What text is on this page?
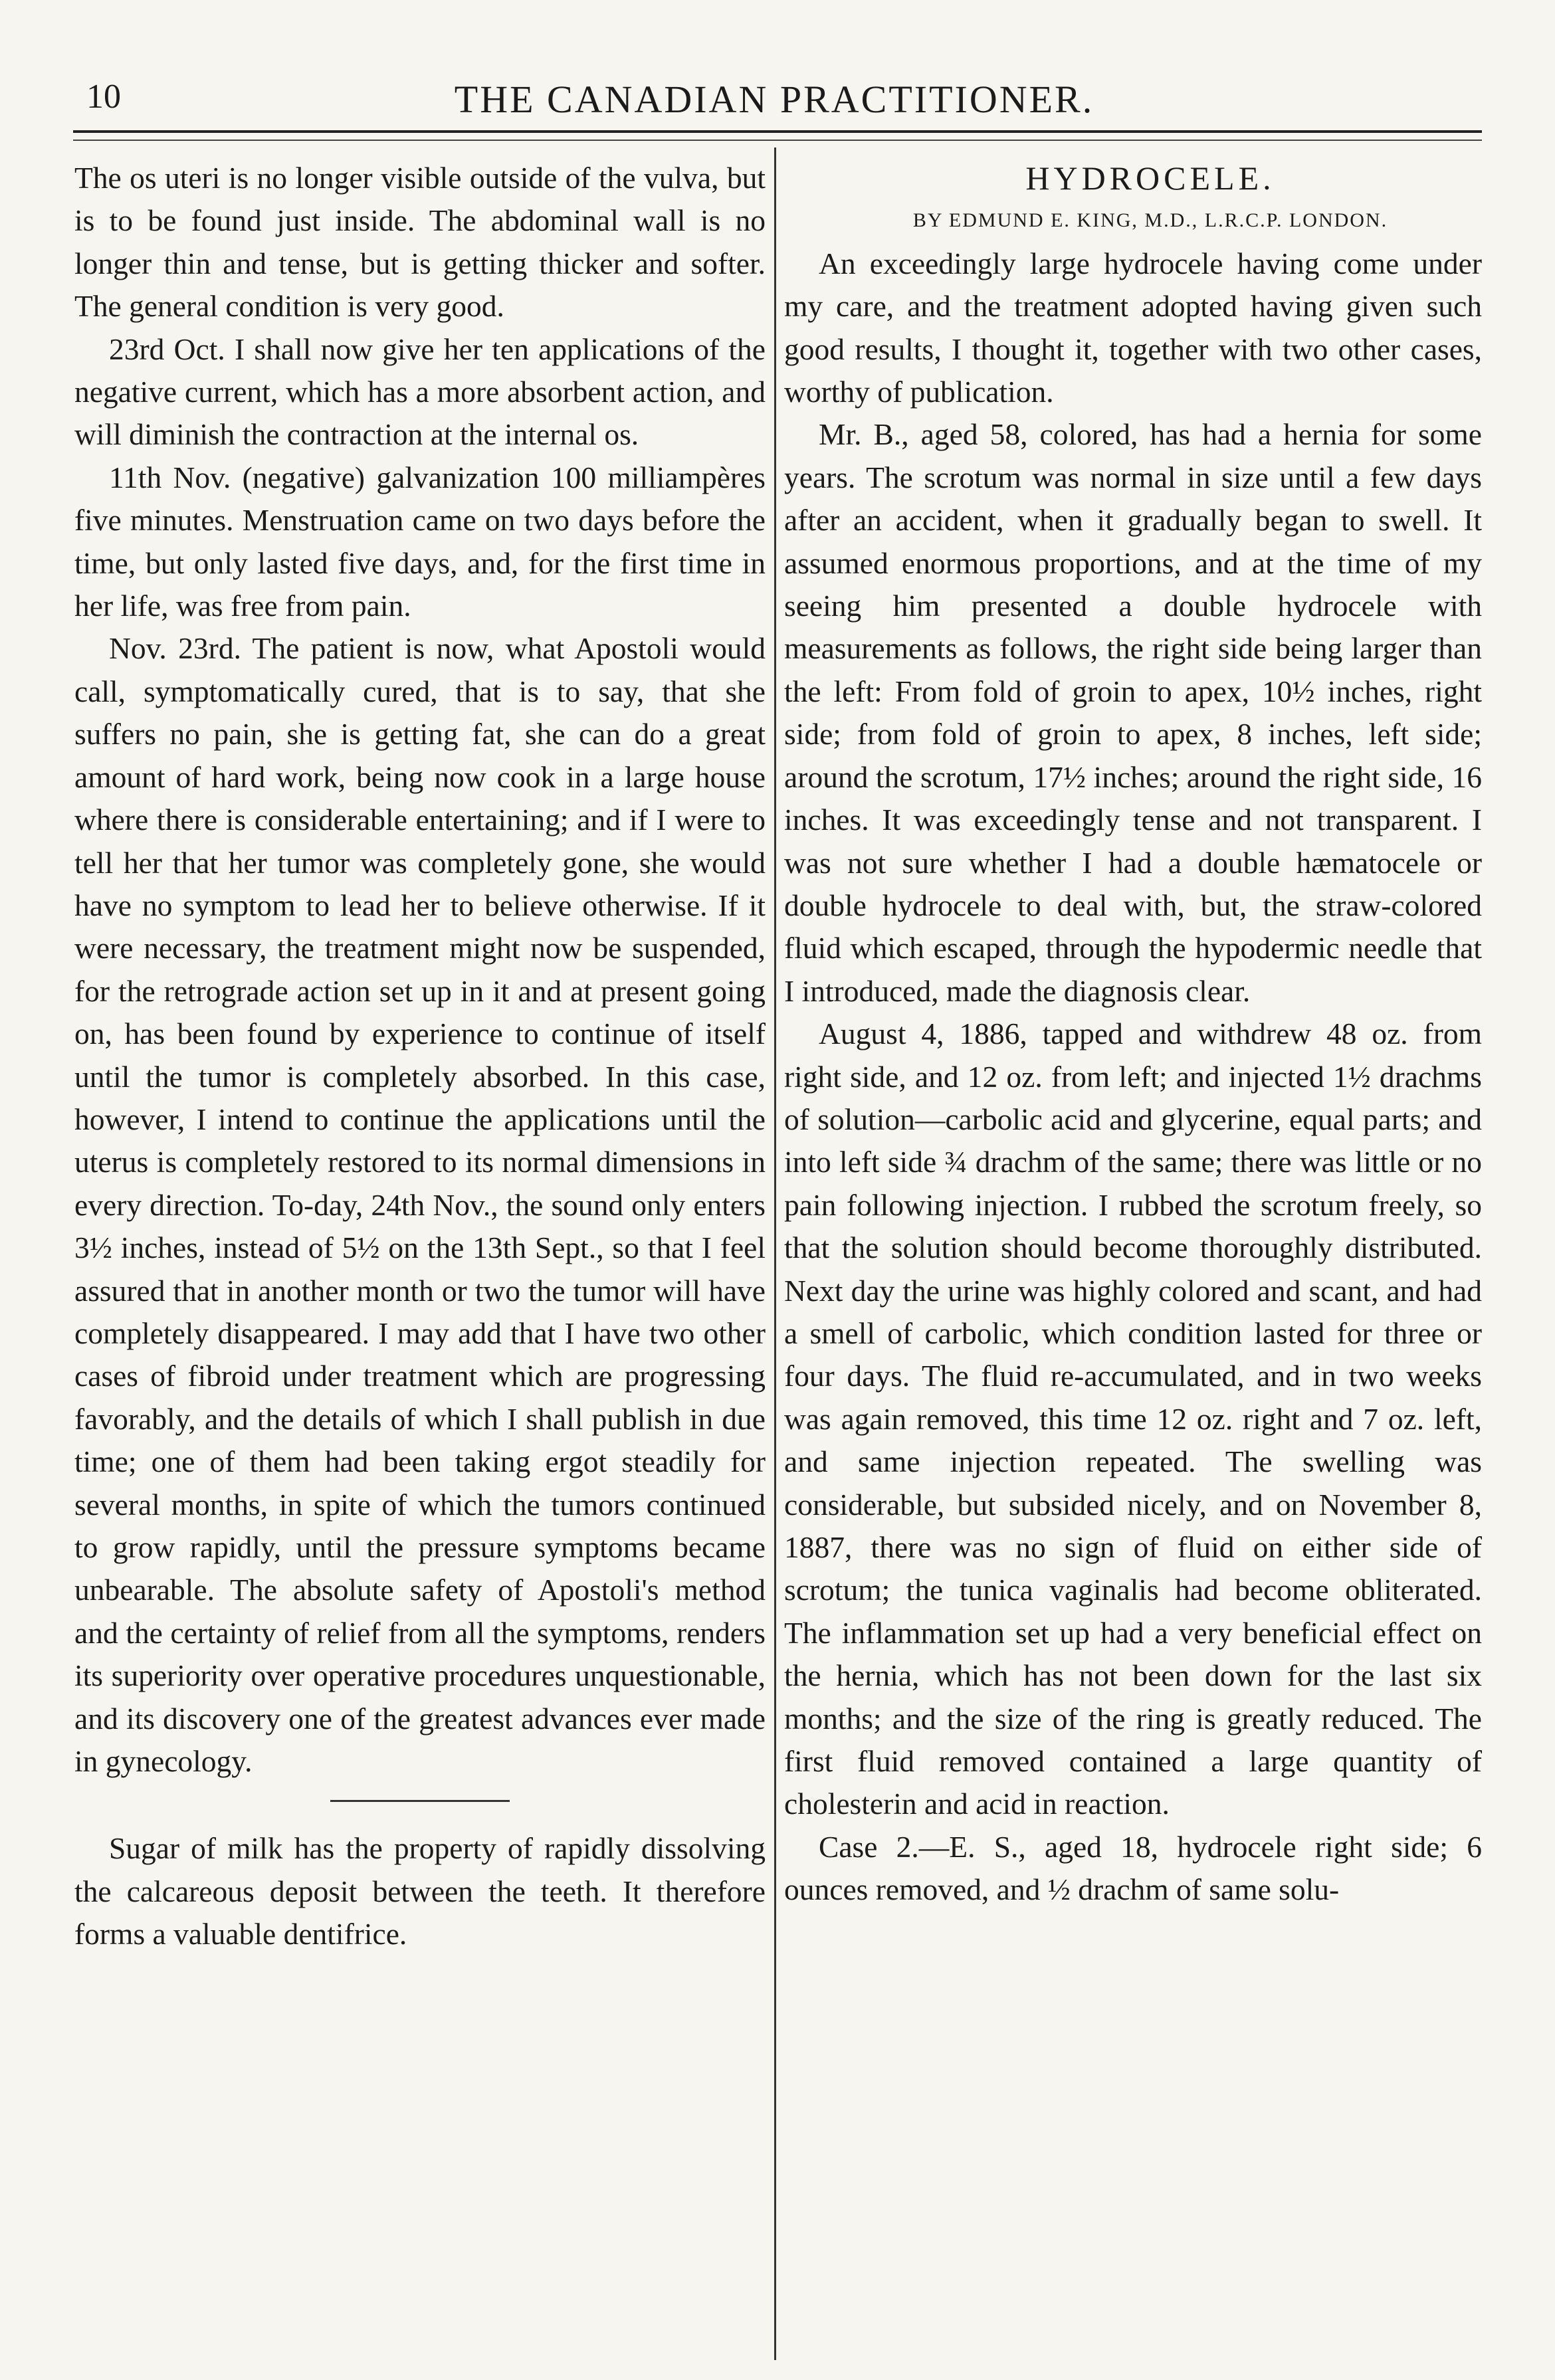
10	THE CANADIAN PRACTITIONER.

The os uteri is no longer visible outside of the vulva, but is to be found just inside. The abdominal wall is no longer thin and tense, but is getting thicker and softer. The general condition is very good.

23rd Oct. I shall now give her ten applications of the negative current, which has a more absorbent action, and will diminish the contraction at the internal os.

11th Nov. (negative) galvanization 100 milliampères five minutes. Menstruation came on two days before the time, but only lasted five days, and, for the first time in her life, was free from pain.

Nov. 23rd. The patient is now, what Apostoli would call, symptomatically cured, that is to say, that she suffers no pain, she is getting fat, she can do a great amount of hard work, being now cook in a large house where there is considerable entertaining; and if I were to tell her that her tumor was completely gone, she would have no symptom to lead her to believe otherwise. If it were necessary, the treatment might now be suspended, for the retrograde action set up in it and at present going on, has been found by experience to continue of itself until the tumor is completely absorbed. In this case, however, I intend to continue the applications until the uterus is completely restored to its normal dimensions in every direction. To-day, 24th Nov., the sound only enters 3½ inches, instead of 5½ on the 13th Sept., so that I feel assured that in another month or two the tumor will have completely disappeared. I may add that I have two other cases of fibroid under treatment which are progressing favorably, and the details of which I shall publish in due time; one of them had been taking ergot steadily for several months, in spite of which the tumors continued to grow rapidly, until the pressure symptoms became unbearable. The absolute safety of Apostoli's method and the certainty of relief from all the symptoms, renders its superiority over operative procedures unquestionable, and its discovery one of the greatest advances ever made in gynecology.

Sugar of milk has the property of rapidly dissolving the calcareous deposit between the teeth. It therefore forms a valuable dentifrice.

HYDROCELE.

BY EDMUND E. KING, M.D., L.R.C.P. LONDON.

An exceedingly large hydrocele having come under my care, and the treatment adopted having given such good results, I thought it, together with two other cases, worthy of publication.

Mr. B., aged 58, colored, has had a hernia for some years. The scrotum was normal in size until a few days after an accident, when it gradually began to swell. It assumed enormous proportions, and at the time of my seeing him presented a double hydrocele with measurements as follows, the right side being larger than the left: From fold of groin to apex, 10½ inches, right side; from fold of groin to apex, 8 inches, left side; around the scrotum, 17½ inches; around the right side, 16 inches. It was exceedingly tense and not transparent. I was not sure whether I had a double hæmatocele or double hydrocele to deal with, but, the straw-colored fluid which escaped, through the hypodermic needle that I introduced, made the diagnosis clear.

August 4, 1886, tapped and withdrew 48 oz. from right side, and 12 oz. from left; and injected 1½ drachms of solution—carbolic acid and glycerine, equal parts; and into left side ¾ drachm of the same; there was little or no pain following injection. I rubbed the scrotum freely, so that the solution should become thoroughly distributed. Next day the urine was highly colored and scant, and had a smell of carbolic, which condition lasted for three or four days. The fluid re-accumulated, and in two weeks was again removed, this time 12 oz. right and 7 oz. left, and same injection repeated. The swelling was considerable, but subsided nicely, and on November 8, 1887, there was no sign of fluid on either side of scrotum; the tunica vaginalis had become obliterated. The inflammation set up had a very beneficial effect on the hernia, which has not been down for the last six months; and the size of the ring is greatly reduced. The first fluid removed contained a large quantity of cholesterin and acid in reaction.

Case 2.—E. S., aged 18, hydrocele right side; 6 ounces removed, and ½ drachm of same solu-
